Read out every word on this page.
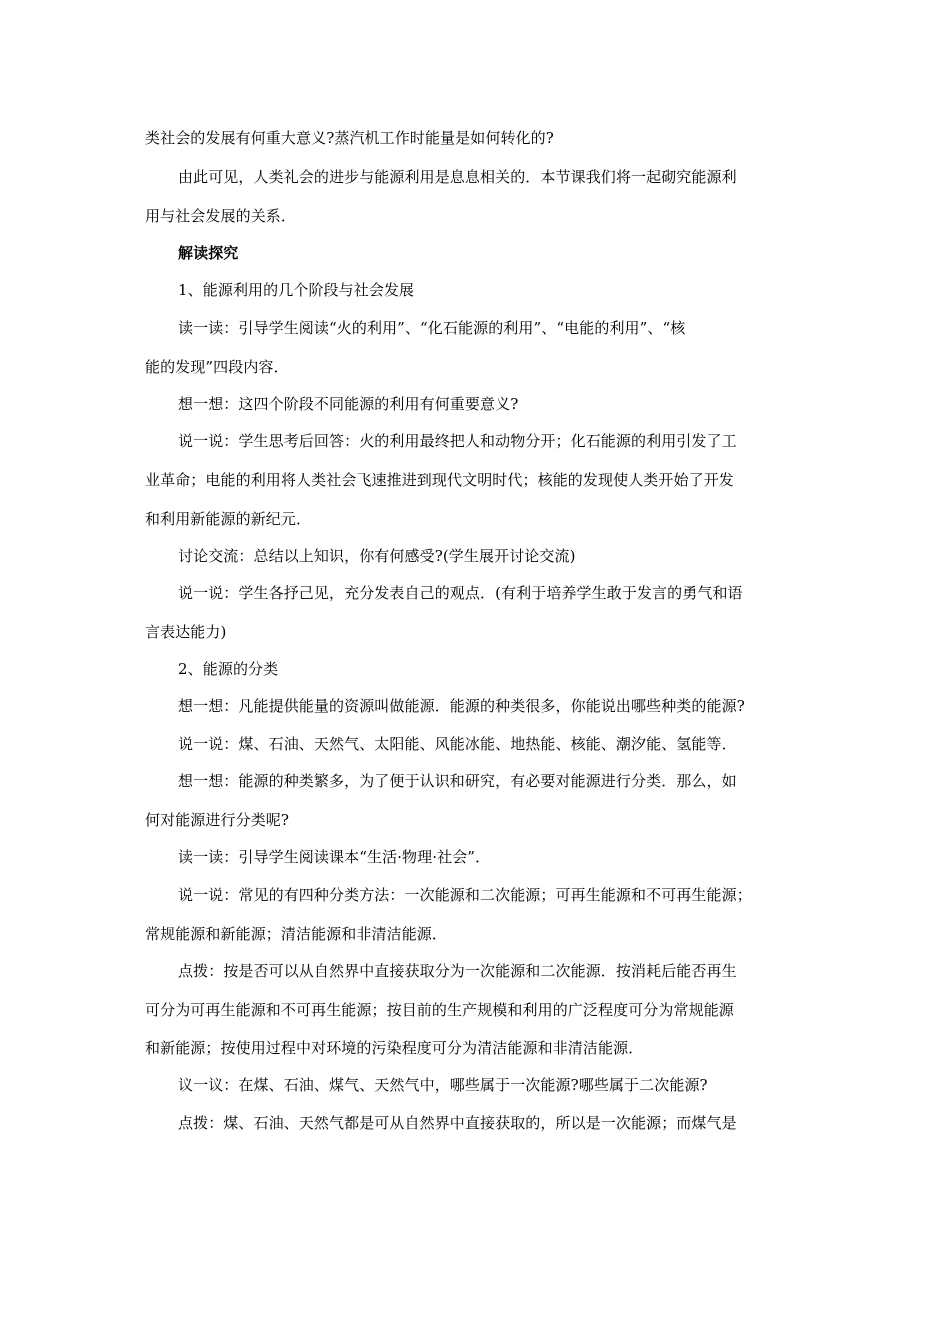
类社会的发展有何重大意义?蒸汽机工作时能量是如何转化的?
由此可见，人类礼会的进步与能源利用是息息相关的．本节课我们将一起砌究能源利
用与社会发展的关系．
解读探究
1、能源利用的几个阶段与社会发展
读一读：引导学生阅读“火的利用”、“化石能源的利用”、“电能的利用”、“核
能的发现”四段内容．
想一想：这四个阶段不同能源的利用有何重要意义?
说一说：学生思考后回答：火的利用最终把人和动物分开；化石能源的利用引发了工
业革命；电能的利用将人类社会飞速推进到现代文明时代；核能的发现使人类开始了开发
和利用新能源的新纪元．
讨论交流：总结以上知识，你有何感受?(学生展开讨论交流)
说一说：学生各抒己见，充分发表自己的观点．(有利于培养学生敢于发言的勇气和语
言表达能力)
2、能源的分类
想一想：凡能提供能量的资源叫做能源．能源的种类很多，你能说出哪些种类的能源?
说一说：煤、石油、天然气、太阳能、风能冰能、地热能、核能、潮汐能、氢能等．
想一想：能源的种类繁多，为了便于认识和研究，有必要对能源进行分类．那么，如
何对能源进行分类呢?
读一读：引导学生阅读课本“生活·物理·社会”．
说一说：常见的有四种分类方法：一次能源和二次能源；可再生能源和不可再生能源；
常规能源和新能源；清洁能源和非清洁能源．
点拨：按是否可以从自然界中直接获取分为一次能源和二次能源．按消耗后能否再生
可分为可再生能源和不可再生能源；按目前的生产规模和利用的广泛程度可分为常规能源
和新能源；按使用过程中对环境的污染程度可分为清洁能源和非清洁能源．
议一议：在煤、石油、煤气、天然气中，哪些属于一次能源?哪些属于二次能源?
点拨：煤、石油、天然气都是可从自然界中直接获取的，所以是一次能源；而煤气是
